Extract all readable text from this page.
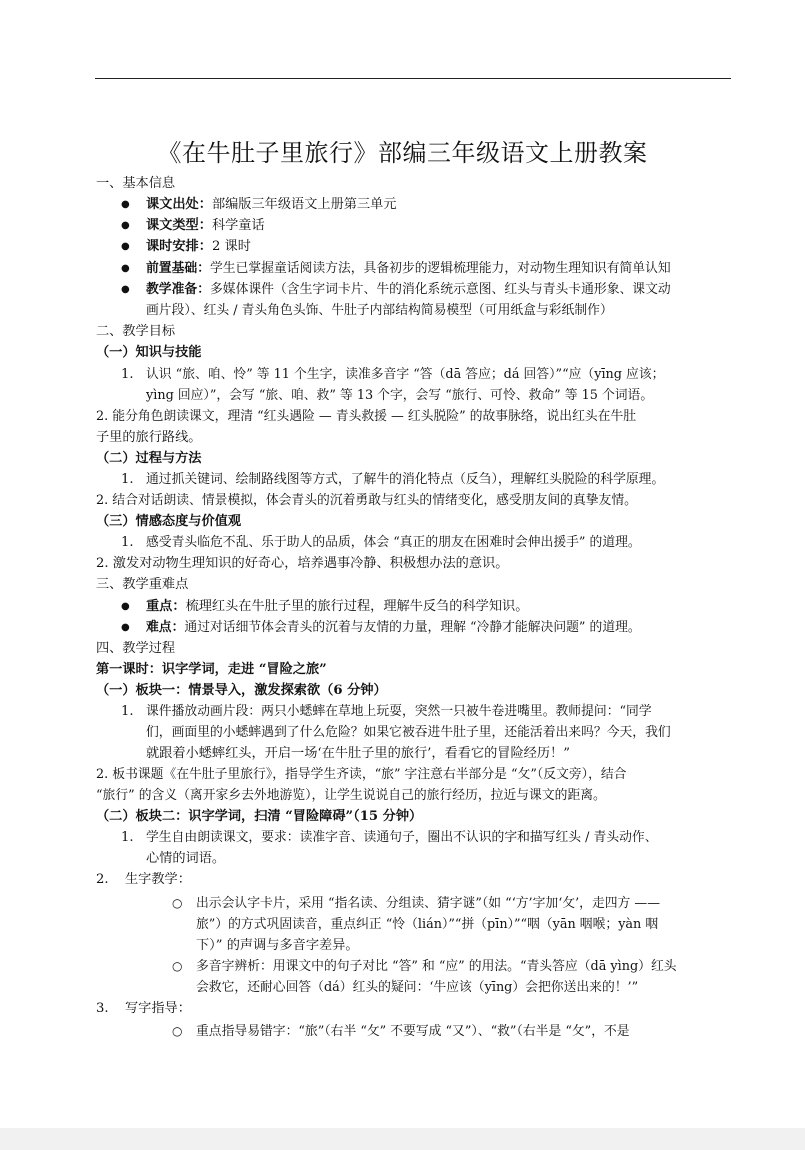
《在牛肚子里旅行》部编三年级语文上册教案
一、基本信息
● 课文出处：部编版三年级语文上册第三单元
● 课文类型：科学童话
● 课时安排：2 课时
● 前置基础：学生已掌握童话阅读方法，具备初步的逻辑梳理能力，对动物生理知识有简单认知
● 教学准备：多媒体课件（含生字词卡片、牛的消化系统示意图、红头与青头卡通形象、课文动
画片段）、红头 / 青头角色头饰、牛肚子内部结构简易模型（可用纸盒与彩纸制作）
二、教学目标
（一）知识与技能
1. 认识 “旅、咱、怜” 等 11 个生字，读准多音字 “答（dā 答应；dá 回答）”“应（yīng 应该；
yìng 回应）”，会写 “旅、咱、救” 等 13 个字，会写 “旅行、可怜、救命” 等 15 个词语。
2. 能分角色朗读课文，理清 “红头遇险 — 青头救援 — 红头脱险” 的故事脉络，说出红头在牛肚
子里的旅行路线。
（二）过程与方法
1. 通过抓关键词、绘制路线图等方式，了解牛的消化特点（反刍），理解红头脱险的科学原理。
2. 结合对话朗读、情景模拟，体会青头的沉着勇敢与红头的情绪变化，感受朋友间的真挚友情。
（三）情感态度与价值观
1. 感受青头临危不乱、乐于助人的品质，体会 “真正的朋友在困难时会伸出援手” 的道理。
2. 激发对动物生理知识的好奇心，培养遇事冷静、积极想办法的意识。
三、教学重难点
● 重点：梳理红头在牛肚子里的旅行过程，理解牛反刍的科学知识。
● 难点：通过对话细节体会青头的沉着与友情的力量，理解 “冷静才能解决问题” 的道理。
四、教学过程
第一课时：识字学词，走进 “冒险之旅”
（一）板块一：情景导入，激发探索欲（6 分钟）
1. 课件播放动画片段：两只小蟋蟀在草地上玩耍，突然一只被牛卷进嘴里。教师提问：“同学
们，画面里的小蟋蟀遇到了什么危险？如果它被吞进牛肚子里，还能活着出来吗？今天，我们
就跟着小蟋蟀红头，开启一场‘在牛肚子里的旅行’，看看它的冒险经历！”
2. 板书课题《在牛肚子里旅行》，指导学生齐读，“旅” 字注意右半部分是 “攵”（反文旁），结合
“旅行” 的含义（离开家乡去外地游览），让学生说说自己的旅行经历，拉近与课文的距离。
（二）板块二：识字学词，扫清 “冒险障碍”（15 分钟）
1. 学生自由朗读课文，要求：读准字音、读通句子，圈出不认识的字和描写红头 / 青头动作、
心情的词语。
2. 生字教学：
○ 出示会认字卡片，采用 “指名读、分组读、猜字谜”（如 “‘方’字加‘攵’，走四方 ——
旅”）的方式巩固读音，重点纠正 “怜（lián）”“拼（pīn）”“咽（yān 咽喉；yàn 咽
下）” 的声调与多音字差异。
○ 多音字辨析：用课文中的句子对比 “答” 和 “应” 的用法。“青头答应（dā yìng）红头
会救它，还耐心回答（dá）红头的疑问：‘牛应该（yīng）会把你送出来的！’”
3. 写字指导：
○ 重点指导易错字：“旅”（右半 “攵” 不要写成 “又”）、“救”（右半是 “攵”，不是
